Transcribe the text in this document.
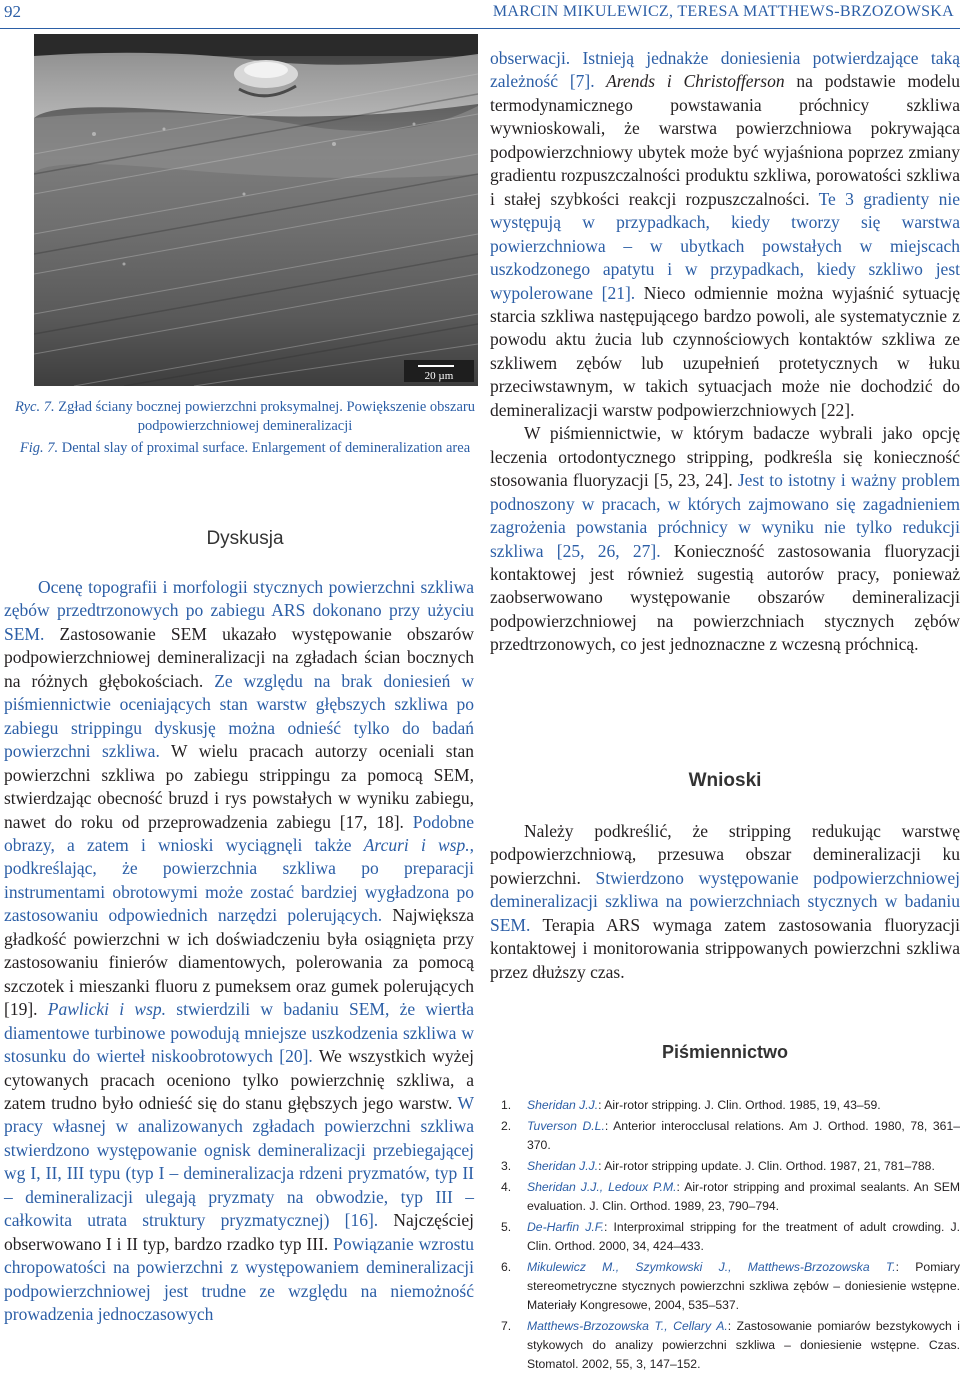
92	MARCIN MIKULEWICZ, TERESA MATTHEWS-BRZOZOWSKA
20 µm
Ryc. 7. Zgład ściany bocznej powierzchni proksymalnej. Powiększenie obszaru podpowierzchniowej demineralizacji
Fig. 7. Dental slay of proximal surface. Enlargement of demineralization area
Dyskusja

Ocenę topografii i morfologii stycznych powierzchni szkliwa zębów przedtrzonowych po zabiegu ARS dokonano przy użyciu SEM. Zastosowanie SEM ukazało występowanie obszarów podpowierzchniowej demineralizacji na zgładach ścian bocznych na różnych głębokościach. Ze względu na brak doniesień w piśmiennictwie oceniających stan warstw głębszych szkliwa po zabiegu strippingu dyskusję można odnieść tylko do badań powierzchni szkliwa. W wielu pracach autorzy oceniali stan powierzchni szkliwa po zabiegu strippingu za pomocą SEM, stwierdzając obecność bruzd i rys powstałych w wyniku zabiegu, nawet do roku od przeprowadzenia zabiegu [17, 18]. Podobne obrazy, a zatem i wnioski wyciągnęli także Arcuri i wsp., podkreślając, że powierzchnia szkliwa po preparacji instrumentami obrotowymi może zostać bardziej wygładzona po zastosowaniu odpowiednich narzędzi polerujących. Największa gładkość powierzchni w ich doświadczeniu była osiągnięta przy zastosowaniu finierów diamentowych, polerowania za pomocą szczotek i mieszanki fluoru z pumeksem oraz gumek polerujących [19]. Pawlicki i wsp. stwierdzili w badaniu SEM, że wiertła diamentowe turbinowe powodują mniejsze uszkodzenia szkliwa w stosunku do wierteł niskoobrotowych [20]. We wszystkich wyżej cytowanych pracach oceniono tylko powierzchnię szkliwa, a zatem trudno było odnieść się do stanu głębszych jego warstw. W pracy własnej w analizowanych zgładach powierzchni szkliwa stwierdzono występowanie ognisk demineralizacji przebiegającej wg I, II, III typu (typ I – demineralizacja rdzeni pryzmatów, typ II – demineralizacji ulegają pryzmaty na obwodzie, typ III – całkowita utrata struktury pryzmatycznej) [16]. Najczęściej obserwowano I i II typ, bardzo rzadko typ III. Powiązanie wzrostu chropowatości na powierzchni z występowaniem demineralizacji podpowierzchniowej jest trudne ze względu na niemożność prowadzenia jednoczasowych

obserwacji. Istnieją jednakże doniesienia potwierdzające taką zależność [7]. Arends i Christofferson na podstawie modelu termodynamicznego powstawania próchnicy szkliwa wywnioskowali, że warstwa powierzchniowa pokrywająca podpowierzchniowy ubytek może być wyjaśniona poprzez zmiany gradientu rozpuszczalności produktu szkliwa, porowatości szkliwa i stałej szybkości reakcji rozpuszczalności. Te 3 gradienty nie występują w przypadkach, kiedy tworzy się warstwa powierzchniowa – w ubytkach powstałych w miejscach uszkodzonego apatytu i w przypadkach, kiedy szkliwo jest wypolerowane [21]. Nieco odmiennie można wyjaśnić sytuację starcia szkliwa następującego bardzo powoli, ale systematycznie z powodu aktu żucia lub czynnościowych kontaktów szkliwa ze szkliwem zębów lub uzupełnień protetycznych w łuku przeciwstawnym, w takich sytuacjach może nie dochodzić do demineralizacji warstw podpowierzchniowych [22].

W piśmiennictwie, w którym badacze wybrali jako opcję leczenia ortodontycznego stripping, podkreśla się konieczność stosowania fluoryzacji [5, 23, 24]. Jest to istotny i ważny problem podnoszony w pracach, w których zajmowano się zagadnieniem zagrożenia powstania próchnicy w wyniku nie tylko redukcji szkliwa [25, 26, 27]. Konieczność zastosowania fluoryzacji kontaktowej jest również sugestią autorów pracy, ponieważ zaobserwowano występowanie obszarów demineralizacji podpowierzchniowej na powierzchniach stycznych zębów przedtrzonowych, co jest jednoznaczne z wczesną próchnicą.

Wnioski

Należy podkreślić, że stripping redukując warstwę podpowierzchniową, przesuwa obszar demineralizacji ku powierzchni. Stwierdzono występowanie podpowierzchniowej demineralizacji szkliwa na powierzchniach stycznych w badaniu SEM. Terapia ARS wymaga zatem zastosowania fluoryzacji kontaktowej i monitorowania strippowanych powierzchni szkliwa przez dłuższy czas.

Piśmiennictwo
1. Sheridan J.J.: Air-rotor stripping. J. Clin. Orthod. 1985, 19, 43–59.
2. Tuverson D.L.: Anterior interocclusal relations. Am J. Orthod. 1980, 78, 361–370.
3. Sheridan J.J.: Air-rotor stripping update. J. Clin. Orthod. 1987, 21, 781–788.
4. Sheridan J.J., Ledoux P.M.: Air-rotor stripping and proximal sealants. An SEM evaluation. J. Clin. Orthod. 1989, 23, 790–794.
5. De-Harfin J.F.: Interproximal stripping for the treatment of adult crowding. J. Clin. Orthod. 2000, 34, 424–433.
6. Mikulewicz M., Szymkowski J., Matthews-Brzozowska T.: Pomiary stereometryczne stycznych powierzchni szkliwa zębów – doniesienie wstępne. Materiały Kongresowe, 2004, 535–537.
7. Matthews-Brzozowska T., Cellary A.: Zastosowanie pomiarów bezstykowych i stykowych do analizy powierzchni szkliwa – doniesienie wstępne. Czas. Stomatol. 2002, 55, 3, 147–152.
